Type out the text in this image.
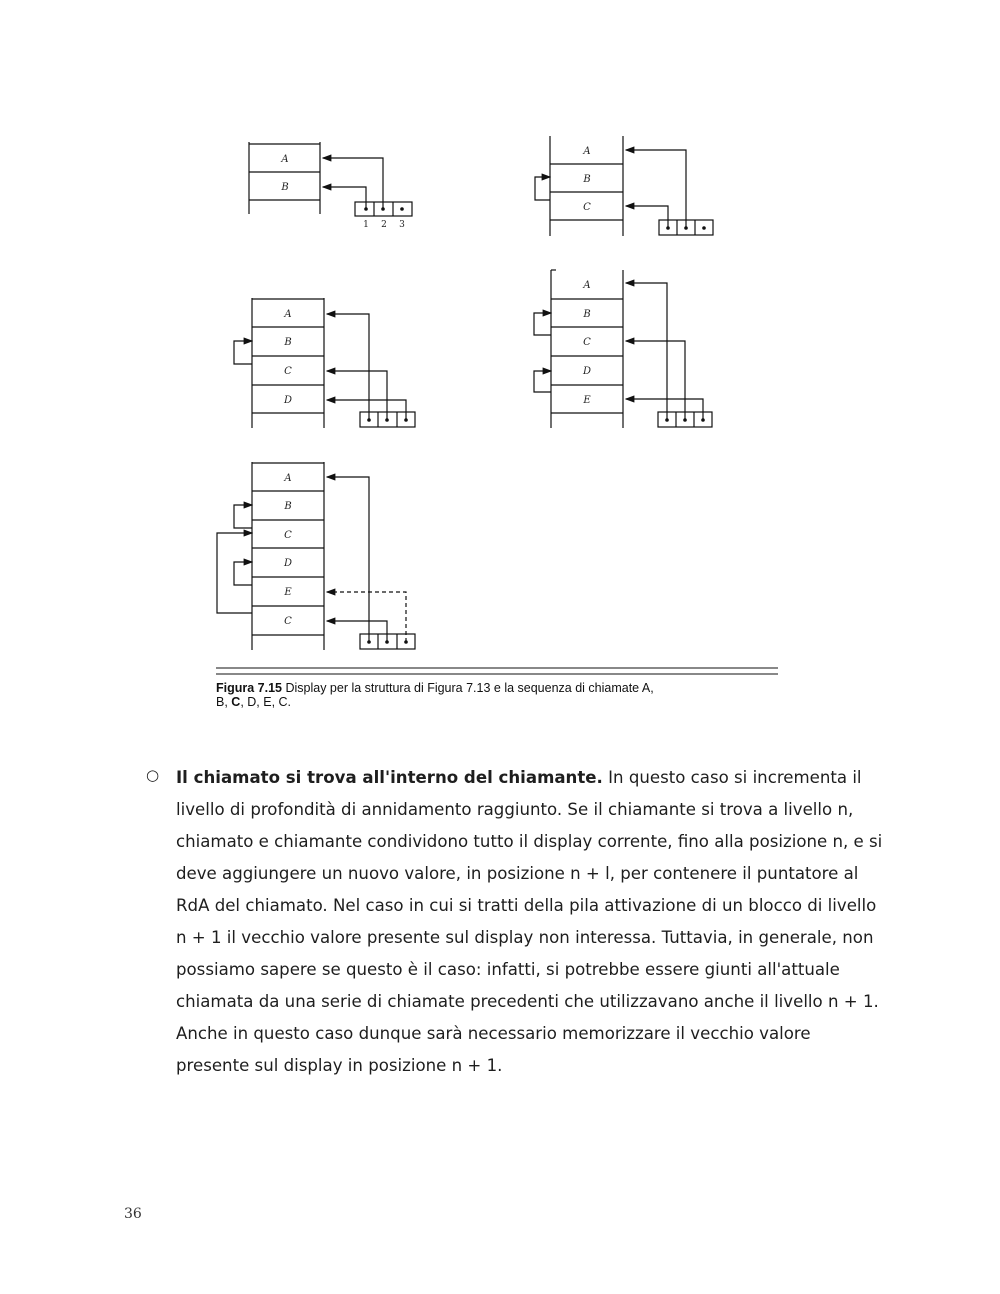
A
B
A
B
C
A
B
C
D
A
B
C
D
E
A
B
C
D
E
C
1 2 3
Figura 7.15 Display per la struttura di Figura 7.13 e la sequenza di chiamate A,
B, C, D, E, C.
○ Il chiamato si trova all'interno del chiamante. In questo caso si incrementa il
livello di profondità di annidamento raggiunto. Se il chiamante si trova a livello n,
chiamato e chiamante condividono tutto il display corrente, fino alla posizione n, e si
deve aggiungere un nuovo valore, in posizione n + l, per contenere il puntatore al
RdA del chiamato. Nel caso in cui si tratti della pila attivazione di un blocco di livello
n + 1 il vecchio valore presente sul display non interessa. Tuttavia, in generale, non
possiamo sapere se questo è il caso: infatti, si potrebbe essere giunti all'attuale
chiamata da una serie di chiamate precedenti che utilizzavano anche il livello n + 1.
Anche in questo caso dunque sarà necessario memorizzare il vecchio valore
presente sul display in posizione n + 1.
36
